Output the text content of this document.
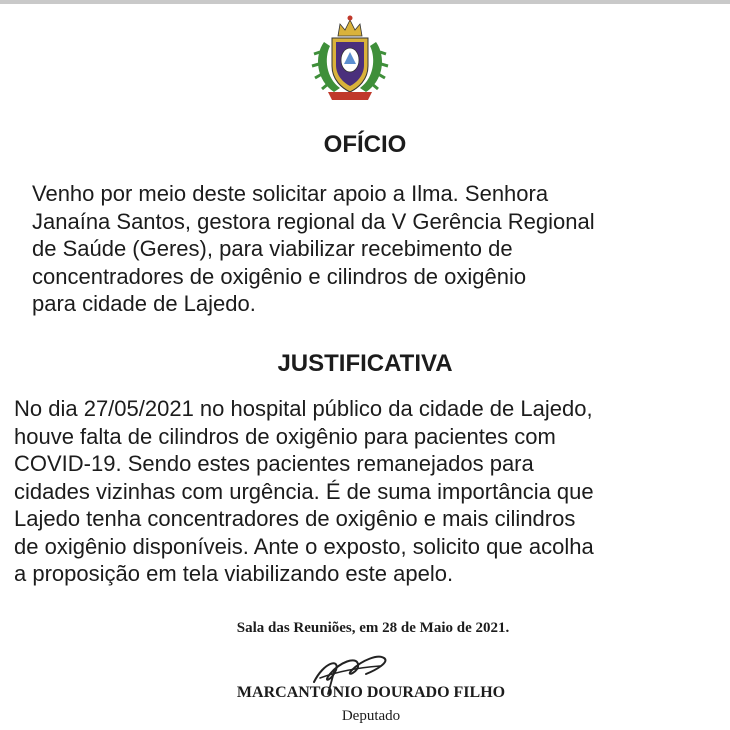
OFÍCIO

Venho por meio deste solicitar apoio a Ilma. Senhora
Janaína Santos, gestora regional da V Gerência Regional
de Saúde (Geres), para viabilizar recebimento de
concentradores de oxigênio e cilindros de oxigênio
para cidade de Lajedo.

JUSTIFICATIVA

No dia 27/05/2021 no hospital público da cidade de Lajedo,
houve falta de cilindros de oxigênio para pacientes com
COVID-19. Sendo estes pacientes remanejados para
cidades vizinhas com urgência. É de suma importância que
Lajedo tenha concentradores de oxigênio e mais cilindros
de oxigênio disponíveis. Ante o exposto, solicito que acolha
a proposição em tela viabilizando este apelo.

Sala das Reuniões, em 28 de Maio de 2021.

MARCANTONIO DOURADO FILHO

Deputado
